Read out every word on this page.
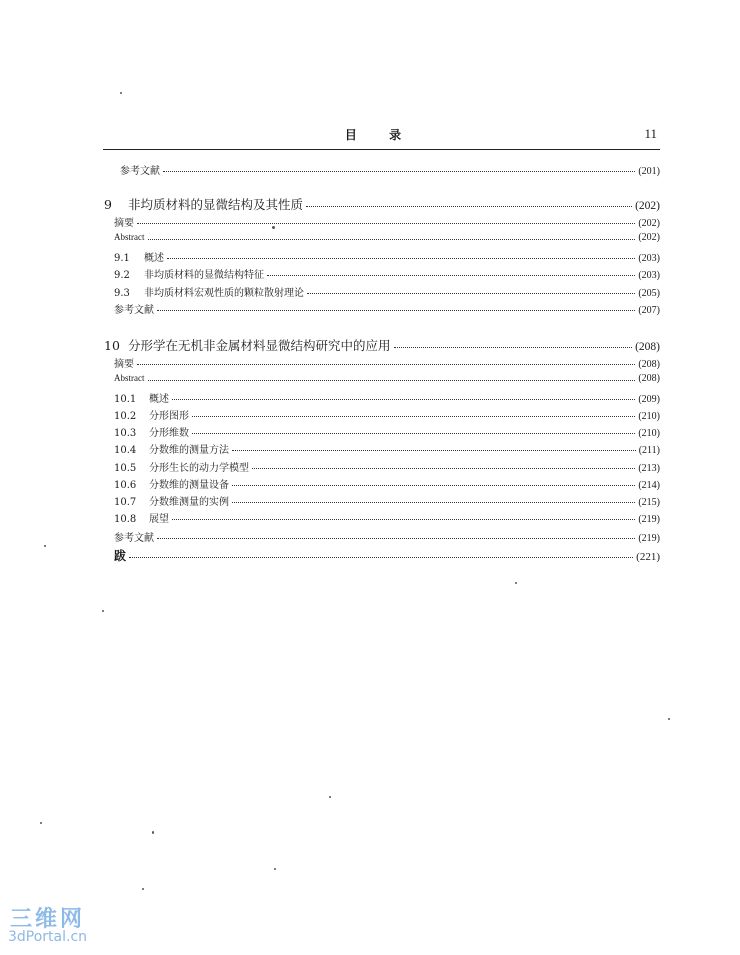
目 录	11
参考文献	(201)
9	非均质材料的显微结构及其性质	(202)
摘要	(202)
Abstract	(202)
9.1	概述	(203)
9.2	非均质材料的显微结构特征	(203)
9.3	非均质材料宏观性质的颗粒散射理论	(205)
参考文献	(207)
10 分形学在无机非金属材料显微结构研究中的应用	(208)
摘要	(208)
Abstract	(208)
10.1	概述	(209)
10.2	分形图形	(210)
10.3	分形维数	(210)
10.4	分数维的测量方法	(211)
10.5	分形生长的动力学模型	(213)
10.6	分数维的测量设备	(214)
10.7	分数维测量的实例	(215)
10.8	展望	(219)
参考文献	(219)
跋	(221)
三维网
3dPortal.cn
